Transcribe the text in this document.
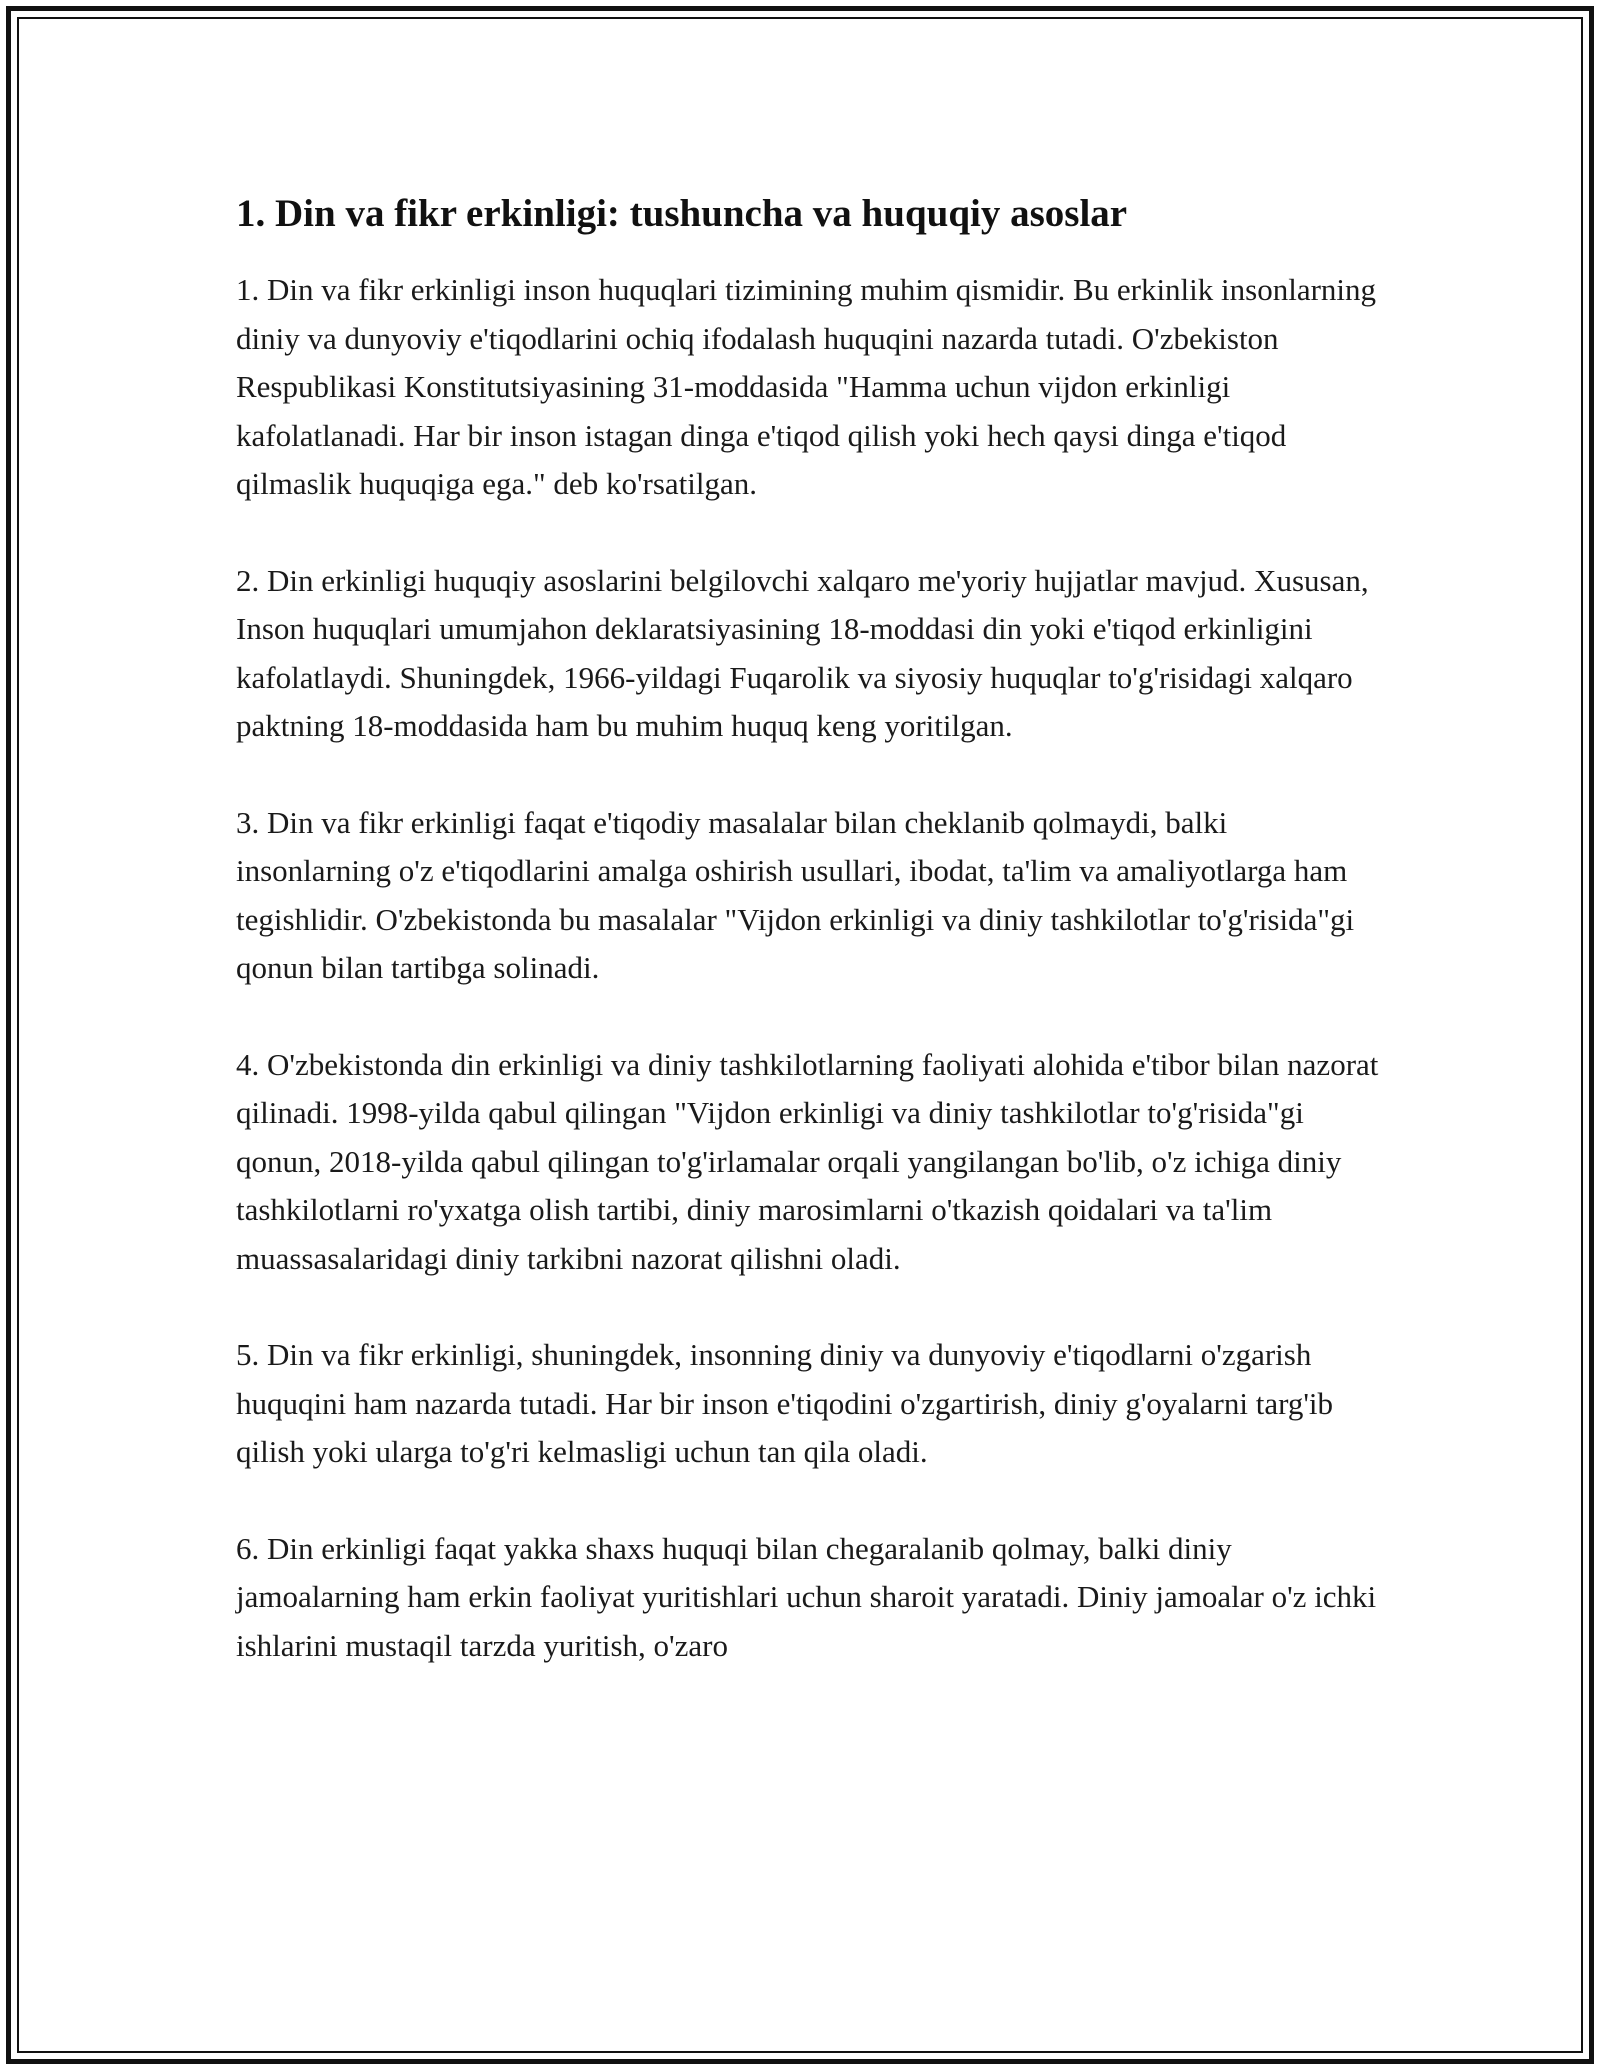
1. Din va fikr erkinligi: tushuncha va huquqiy asoslar

1. Din va fikr erkinligi inson huquqlari tizimining muhim qismidir. Bu erkinlik insonlarning diniy va dunyoviy e'tiqodlarini ochiq ifodalash huquqini nazarda tutadi. O'zbekiston Respublikasi Konstitutsiyasining 31-moddasida "Hamma uchun vijdon erkinligi kafolatlanadi. Har bir inson istagan dinga e'tiqod qilish yoki hech qaysi dinga e'tiqod qilmaslik huquqiga ega." deb ko'rsatilgan.

2. Din erkinligi huquqiy asoslarini belgilovchi xalqaro me'yoriy hujjatlar mavjud. Xususan, Inson huquqlari umumjahon deklaratsiyasining 18-moddasi din yoki e'tiqod erkinligini kafolatlaydi. Shuningdek, 1966-yildagi Fuqarolik va siyosiy huquqlar to'g'risidagi xalqaro paktning 18-moddasida ham bu muhim huquq keng yoritilgan.

3. Din va fikr erkinligi faqat e'tiqodiy masalalar bilan cheklanib qolmaydi, balki insonlarning o'z e'tiqodlarini amalga oshirish usullari, ibodat, ta'lim va amaliyotlarga ham tegishlidir. O'zbekistonda bu masalalar "Vijdon erkinligi va diniy tashkilotlar to'g'risida"gi qonun bilan tartibga solinadi.

4. O'zbekistonda din erkinligi va diniy tashkilotlarning faoliyati alohida e'tibor bilan nazorat qilinadi. 1998-yilda qabul qilingan "Vijdon erkinligi va diniy tashkilotlar to'g'risida"gi qonun, 2018-yilda qabul qilingan to'g'irlamalar orqali yangilangan bo'lib, o'z ichiga diniy tashkilotlarni ro'yxatga olish tartibi, diniy marosimlarni o'tkazish qoidalari va ta'lim muassasalaridagi diniy tarkibni nazorat qilishni oladi.

5. Din va fikr erkinligi, shuningdek, insonning diniy va dunyoviy e'tiqodlarni o'zgarish huquqini ham nazarda tutadi. Har bir inson e'tiqodini o'zgartirish, diniy g'oyalarni targ'ib qilish yoki ularga to'g'ri kelmasligi uchun tan qila oladi.

6. Din erkinligi faqat yakka shaxs huquqi bilan chegaralanib qolmay, balki diniy jamoalarning ham erkin faoliyat yuritishlari uchun sharoit yaratadi. Diniy jamoalar o'z ichki ishlarini mustaqil tarzda yuritish, o'zaro
